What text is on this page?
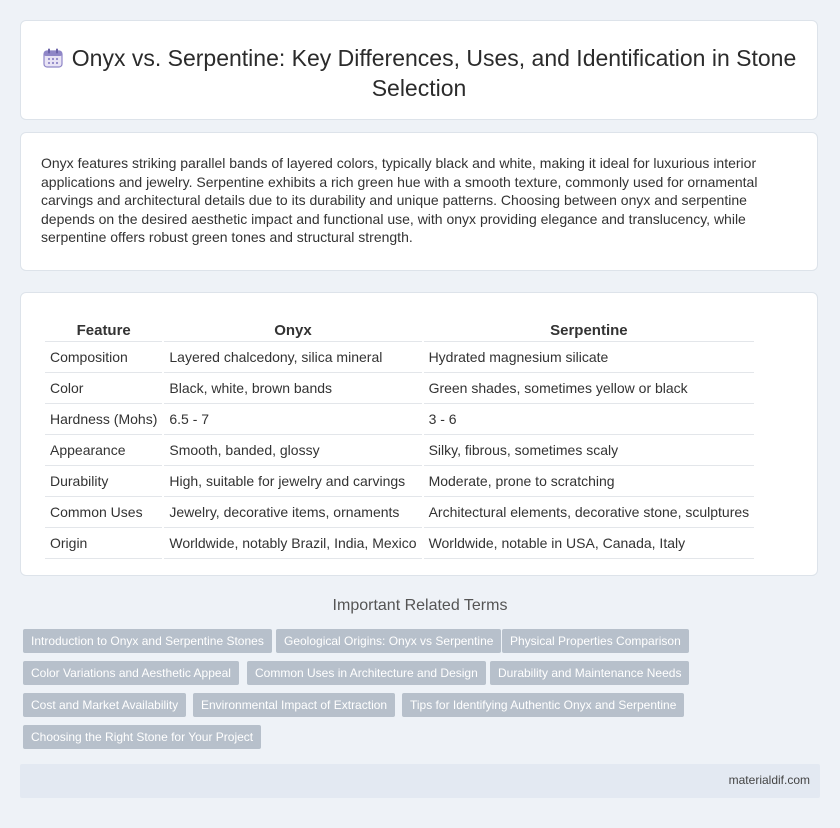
Onyx vs. Serpentine: Key Differences, Uses, and Identification in Stone Selection

Onyx features striking parallel bands of layered colors, typically black and white, making it ideal for luxurious interior applications and jewelry. Serpentine exhibits a rich green hue with a smooth texture, commonly used for ornamental carvings and architectural details due to its durability and unique patterns. Choosing between onyx and serpentine depends on the desired aesthetic impact and functional use, with onyx providing elegance and translucency, while serpentine offers robust green tones and structural strength.

Feature	Onyx	Serpentine
Composition	Layered chalcedony, silica mineral	Hydrated magnesium silicate
Color	Black, white, brown bands	Green shades, sometimes yellow or black
Hardness (Mohs)	6.5 - 7	3 - 6
Appearance	Smooth, banded, glossy	Silky, fibrous, sometimes scaly
Durability	High, suitable for jewelry and carvings	Moderate, prone to scratching
Common Uses	Jewelry, decorative items, ornaments	Architectural elements, decorative stone, sculptures
Origin	Worldwide, notably Brazil, India, Mexico	Worldwide, notable in USA, Canada, Italy
Important Related Terms
Introduction to Onyx and Serpentine Stones	Geological Origins: Onyx vs Serpentine	Physical Properties Comparison
Color Variations and Aesthetic Appeal	Common Uses in Architecture and Design	Durability and Maintenance Needs
Cost and Market Availability	Environmental Impact of Extraction	Tips for Identifying Authentic Onyx and Serpentine
Choosing the Right Stone for Your Project
materialdif.com
